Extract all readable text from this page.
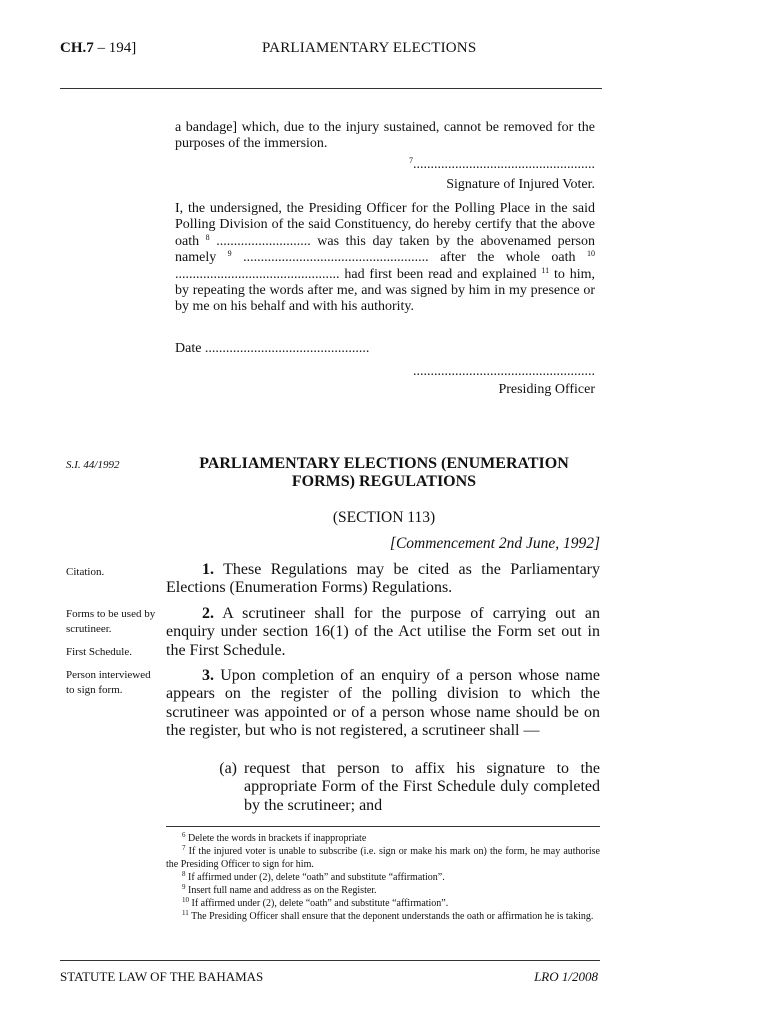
CH.7 – 194]	PARLIAMENTARY ELECTIONS

a bandage] which, due to the injury sustained, cannot be removed for the purposes of the immersion.

$^7$....................................................
Signature of Injured Voter.

I, the undersigned, the Presiding Officer for the Polling Place in the said Polling Division of the said Constituency, do hereby certify that the above oath $^8$ ........................... was this day taken by the abovenamed person namely $^9$ ..................................................... after the whole oath $^{10}$ ............................................... had first been read and explained $^{11}$ to him, by repeating the words after me, and was signed by him in my presence or by me on his behalf and with his authority.

Date ...............................................
....................................................
Presiding Officer
S.I. 44/1992
Citation.
Forms to be used by scrutineer.
First Schedule.
Person interviewed to sign form.
PARLIAMENTARY ELECTIONS (ENUMERATION FORMS) REGULATIONS
(SECTION 113)
[Commencement 2nd June, 1992]

1. These Regulations may be cited as the Parliamentary Elections (Enumeration Forms) Regulations.

2. A scrutineer shall for the purpose of carrying out an enquiry under section 16(1) of the Act utilise the Form set out in the First Schedule.

3. Upon completion of an enquiry of a person whose name appears on the register of the polling division to which the scrutineer was appointed or of a person whose name should be on the register, but who is not registered, a scrutineer shall —

(a) request that person to affix his signature to the appropriate Form of the First Schedule duly completed by the scrutineer; and

$^6$ Delete the words in brackets if inappropriate

$^7$ If the injured voter is unable to subscribe (i.e. sign or make his mark on) the form, he may authorise the Presiding Officer to sign for him.

$^8$ If affirmed under (2), delete “oath” and substitute “affirmation”.

$^9$ Insert full name and address as on the Register.

$^{10}$ If affirmed under (2), delete “oath” and substitute “affirmation”.

$^{11}$ The Presiding Officer shall ensure that the deponent understands the oath or affirmation he is taking.

STATUTE LAW OF THE BAHAMAS	LRO 1/2008
